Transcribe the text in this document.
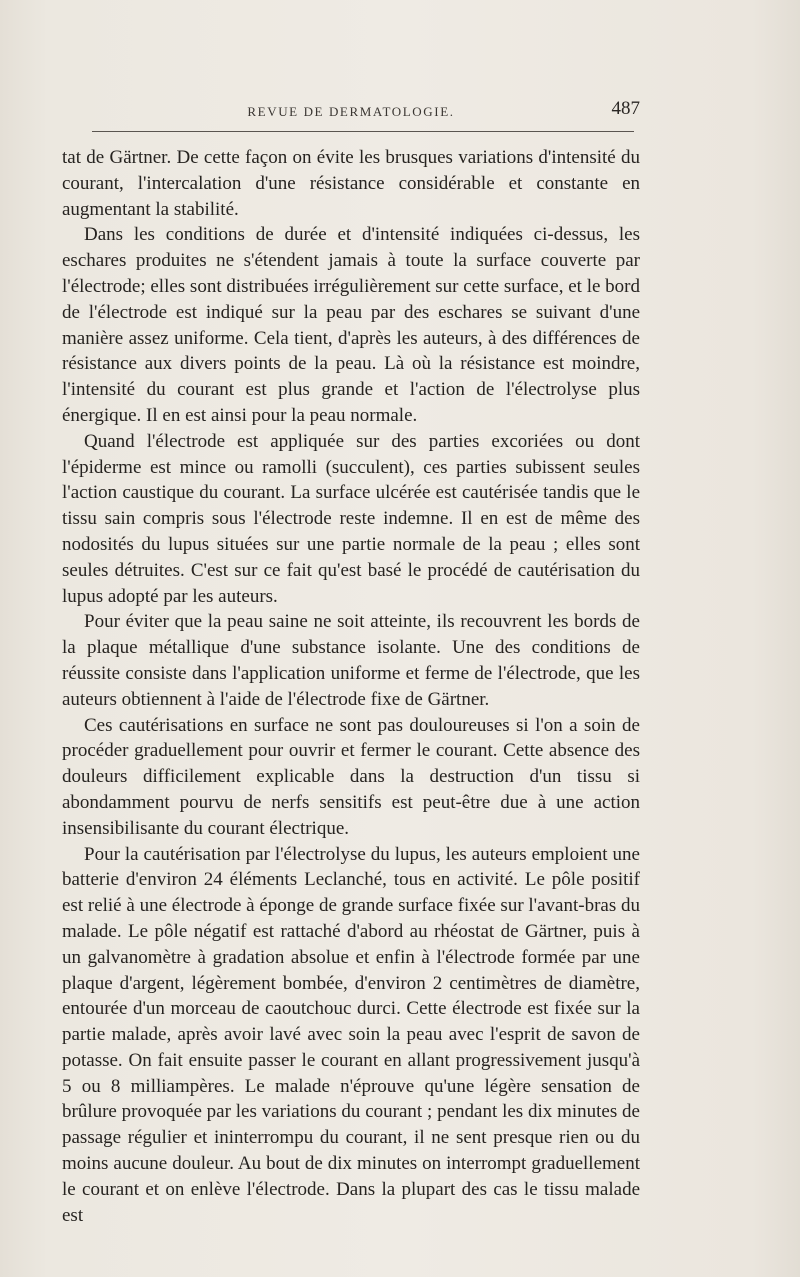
REVUE DE DERMATOLOGIE.	487

tat de Gärtner. De cette façon on évite les brusques variations d'intensité du courant, l'intercalation d'une résistance considérable et constante en augmentant la stabilité.

Dans les conditions de durée et d'intensité indiquées ci-dessus, les eschares produites ne s'étendent jamais à toute la surface couverte par l'électrode; elles sont distribuées irrégulièrement sur cette surface, et le bord de l'électrode est indiqué sur la peau par des eschares se suivant d'une manière assez uniforme. Cela tient, d'après les auteurs, à des différences de résistance aux divers points de la peau. Là où la résistance est moindre, l'intensité du courant est plus grande et l'action de l'électrolyse plus énergique. Il en est ainsi pour la peau normale.

Quand l'électrode est appliquée sur des parties excoriées ou dont l'épiderme est mince ou ramolli (succulent), ces parties subissent seules l'action caustique du courant. La surface ulcérée est cautérisée tandis que le tissu sain compris sous l'électrode reste indemne. Il en est de même des nodosités du lupus situées sur une partie normale de la peau ; elles sont seules détruites. C'est sur ce fait qu'est basé le procédé de cautérisation du lupus adopté par les auteurs.

Pour éviter que la peau saine ne soit atteinte, ils recouvrent les bords de la plaque métallique d'une substance isolante. Une des conditions de réussite consiste dans l'application uniforme et ferme de l'électrode, que les auteurs obtiennent à l'aide de l'électrode fixe de Gärtner.

Ces cautérisations en surface ne sont pas douloureuses si l'on a soin de procéder graduellement pour ouvrir et fermer le courant. Cette absence des douleurs difficilement explicable dans la destruction d'un tissu si abondamment pourvu de nerfs sensitifs est peut-être due à une action insensibilisante du courant électrique.

Pour la cautérisation par l'électrolyse du lupus, les auteurs emploient une batterie d'environ 24 éléments Leclanché, tous en activité. Le pôle positif est relié à une électrode à éponge de grande surface fixée sur l'avant-bras du malade. Le pôle négatif est rattaché d'abord au rhéostat de Gärtner, puis à un galvanomètre à gradation absolue et enfin à l'électrode formée par une plaque d'argent, légèrement bombée, d'environ 2 centimètres de diamètre, entourée d'un morceau de caoutchouc durci. Cette électrode est fixée sur la partie malade, après avoir lavé avec soin la peau avec l'esprit de savon de potasse. On fait ensuite passer le courant en allant progressivement jusqu'à 5 ou 8 milliampères. Le malade n'éprouve qu'une légère sensation de brûlure provoquée par les variations du courant ; pendant les dix minutes de passage régulier et ininterrompu du courant, il ne sent presque rien ou du moins aucune douleur. Au bout de dix minutes on interrompt graduellement le courant et on enlève l'électrode. Dans la plupart des cas le tissu malade est
